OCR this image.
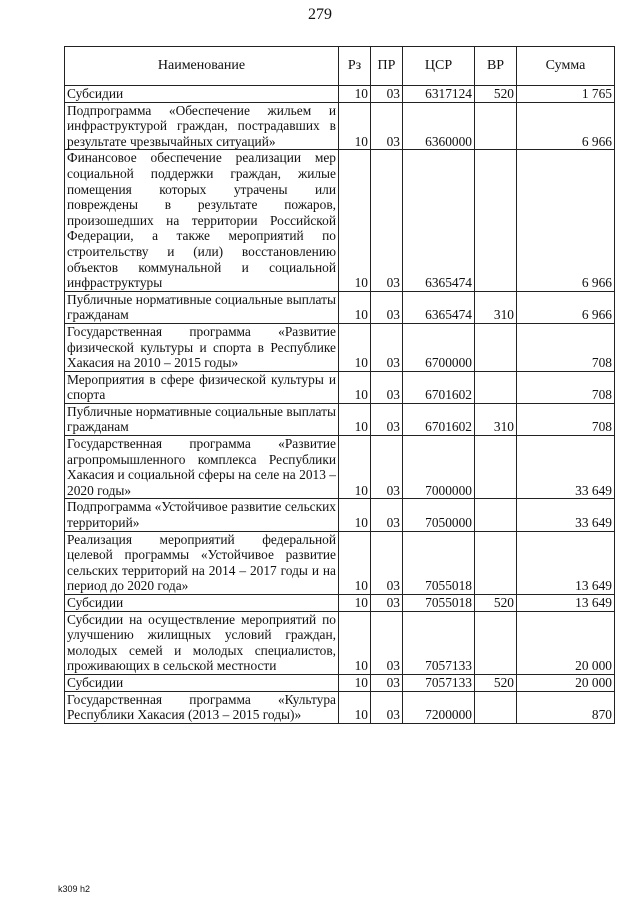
279
Наименование	Рз	ПР	ЦСР	ВР	Сумма
Субсидии	10	03	6317124	520	1 765
Подпрограмма «Обеспечение жильем и инфраструктурой граждан, пострадавших в результате чрезвычайных ситуаций»	10	03	6360000		6 966
Финансовое обеспечение реализации мер социальной поддержки граждан, жилые помещения которых утрачены или повреждены в результате пожаров, произошедших на территории Российской Федерации, а также мероприятий по строительству и (или) восстановлению объектов коммунальной и социальной инфраструктуры	10	03	6365474		6 966
Публичные нормативные социальные выплаты гражданам	10	03	6365474	310	6 966
Государственная программа «Развитие физической культуры и спорта в Республике Хакасия на 2010 – 2015 годы»	10	03	6700000		708
Мероприятия в сфере физической культуры и спорта	10	03	6701602		708
Публичные нормативные социальные выплаты гражданам	10	03	6701602	310	708
Государственная программа «Развитие агропромышленного комплекса Республики Хакасия и социальной сферы на селе на 2013 – 2020 годы»	10	03	7000000		33 649
Подпрограмма «Устойчивое развитие сельских территорий»	10	03	7050000		33 649
Реализация мероприятий федеральной целевой программы «Устойчивое развитие сельских территорий на 2014 – 2017 годы и на период до 2020 года»	10	03	7055018		13 649
Субсидии	10	03	7055018	520	13 649
Субсидии на осуществление мероприятий по улучшению жилищных условий граждан, молодых семей и молодых специалистов, проживающих в сельской местности	10	03	7057133		20 000
Субсидии	10	03	7057133	520	20 000
Государственная программа «Культура Республики Хакасия (2013 – 2015 годы)»	10	03	7200000		870
k309 h2
